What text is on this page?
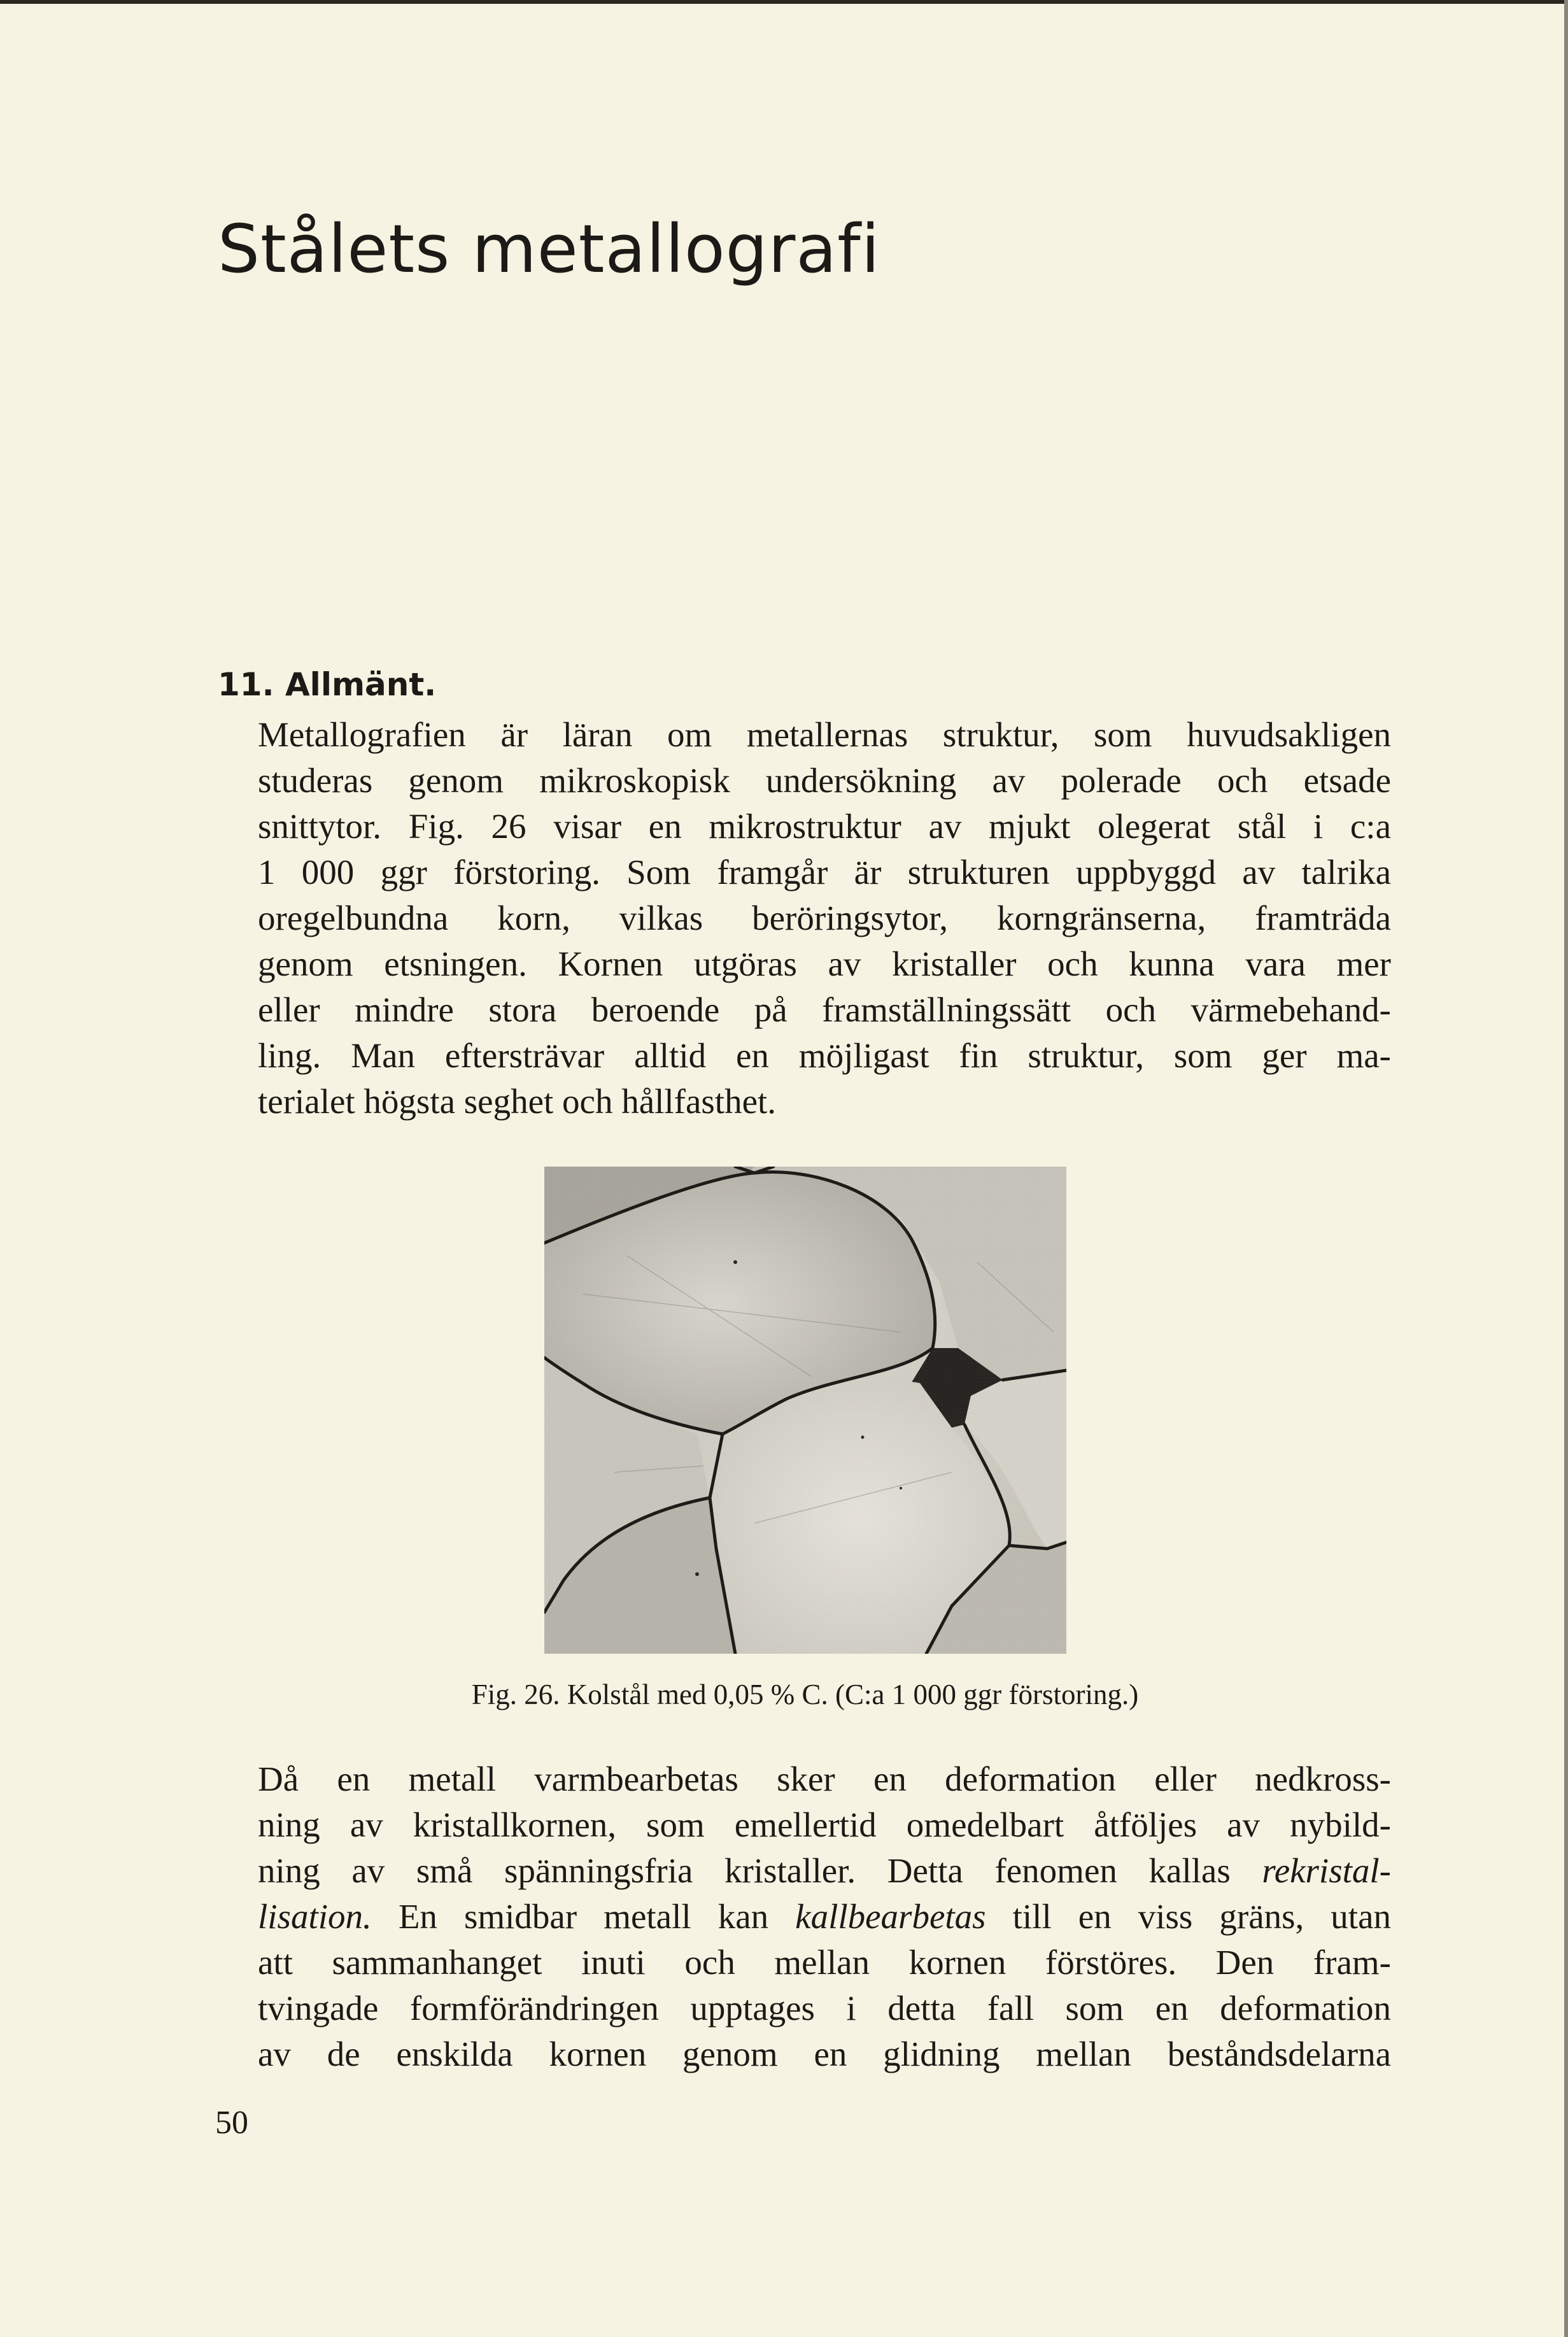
Stålets metallografi
11. Allmänt.
Metallografien är läran om metallernas struktur, som huvudsakligen
studeras genom mikroskopisk undersökning av polerade och etsade
snittytor. Fig. 26 visar en mikrostruktur av mjukt olegerat stål i c:a
1 000 ggr förstoring. Som framgår är strukturen uppbyggd av talrika
oregelbundna korn, vilkas beröringsytor, korngränserna, framträda
genom etsningen. Kornen utgöras av kristaller och kunna vara mer
eller mindre stora beroende på framställningssätt och värmebehand-
ling. Man eftersträvar alltid en möjligast fin struktur, som ger ma-
terialet högsta seghet och hållfasthet.
Fig. 26. Kolstål med 0,05 % C. (C:a 1 000 ggr förstoring.)
Då en metall varmbearbetas sker en deformation eller nedkross-
ning av kristallkornen, som emellertid omedelbart åtföljes av nybild-
ning av små spänningsfria kristaller. Detta fenomen kallas rekristal-
lisation. En smidbar metall kan kallbearbetas till en viss gräns, utan
att sammanhanget inuti och mellan kornen förstöres. Den fram-
tvingade formförändringen upptages i detta fall som en deformation
av de enskilda kornen genom en glidning mellan beståndsdelarna
50
